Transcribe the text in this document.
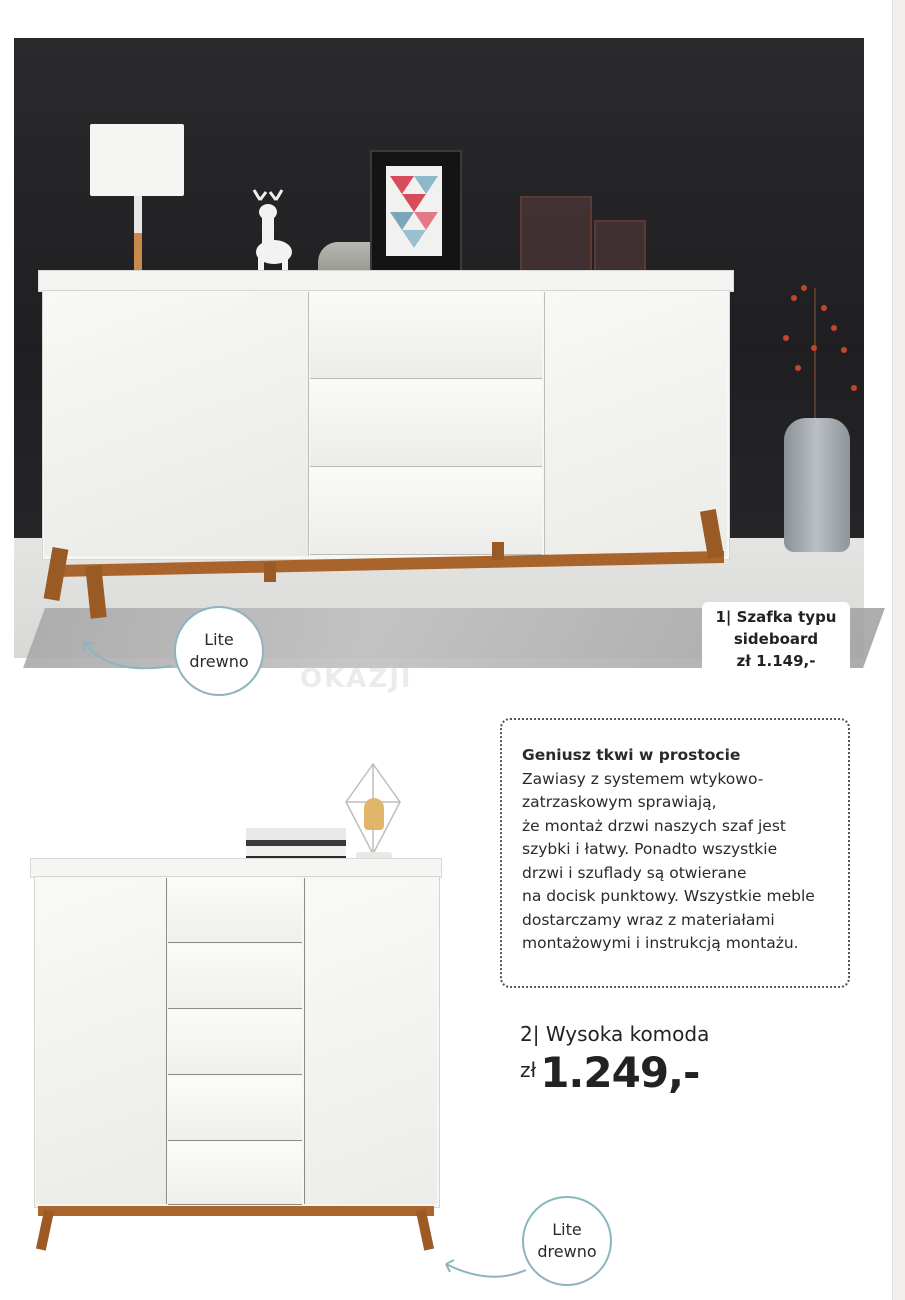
1| Szafka typu
sideboard
zł 1.149,-
OKAZJI
Lite
drewno
Geniusz tkwi w prostocie
Zawiasy z systemem wtykowo-
zatrzaskowym sprawiają,
że montaż drzwi naszych szaf jest
szybki i łatwy. Ponadto wszystkie
drzwi i szuflady są otwierane
na docisk punktowy. Wszystkie meble
dostarczamy wraz z materiałami
montażowymi i instrukcją montażu.
2| Wysoka komoda
zł1.249,-
Lite
drewno
